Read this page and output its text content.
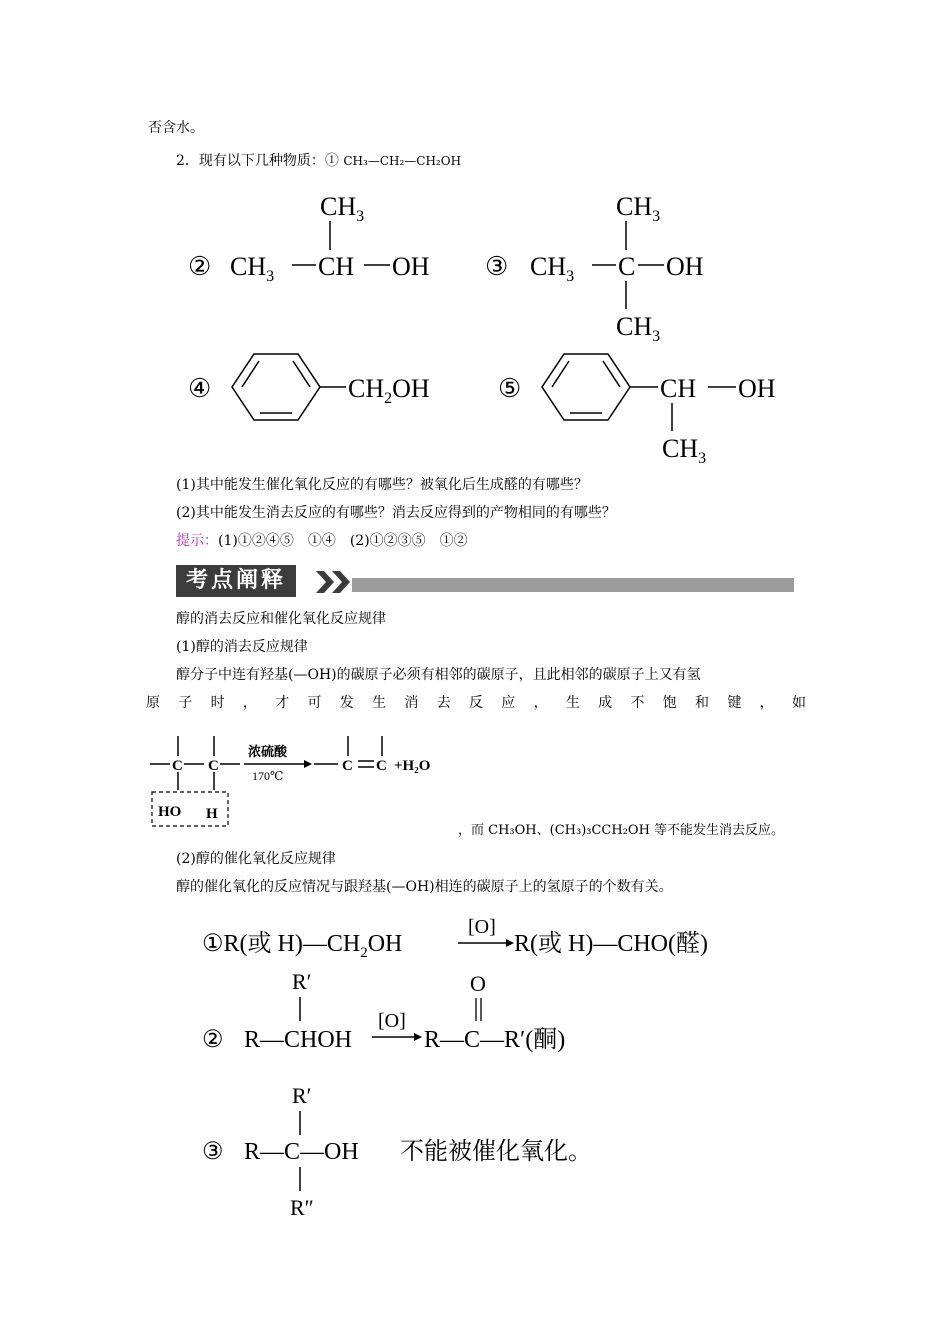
否含水。
2．现有以下几种物质：① CH₃—CH₂—CH₂OH
②
$CH_3$
$CH_3$ CH OH ③
$CH_3$
$CH_3$ C OH
$CH_3$
④	$CH_2OH$	⑤	CH OH
$CH_3$
(1)其中能发生催化氧化反应的有哪些？被氧化后生成醛的有哪些？
(2)其中能发生消去反应的有哪些？消去反应得到的产物相同的有哪些？
提示：(1)①②④⑤　①④　(2)①②③⑤　①②
考点阐释
醇的消去反应和催化氧化反应规律
(1)醇的消去反应规律
醇分子中连有羟基(—OH)的碳原子必须有相邻的碳原子，且此相邻的碳原子上又有氢
原 子 时 ， 才 可 发 生 消 去 反 应 ， 生 成 不 饱 和 键 ， 如
C C
浓硫酸
170℃
C C +H₂O
HO H
，而 CH₃OH、(CH₃)₃CCH₂OH 等不能发生消去反应。
(2)醇的催化氧化反应规律
醇的催化氧化的反应情况与跟羟基(—OH)相连的碳原子上的氢原子的个数有关。
①R(或 $H)—CH_2OH$
[O]
R(或 H)—CHO(醛)
R′
② R—CHOH
[O]
O
R—C—R′(酮)
R′
③ R—C—OH 不能被催化氧化。
R″
